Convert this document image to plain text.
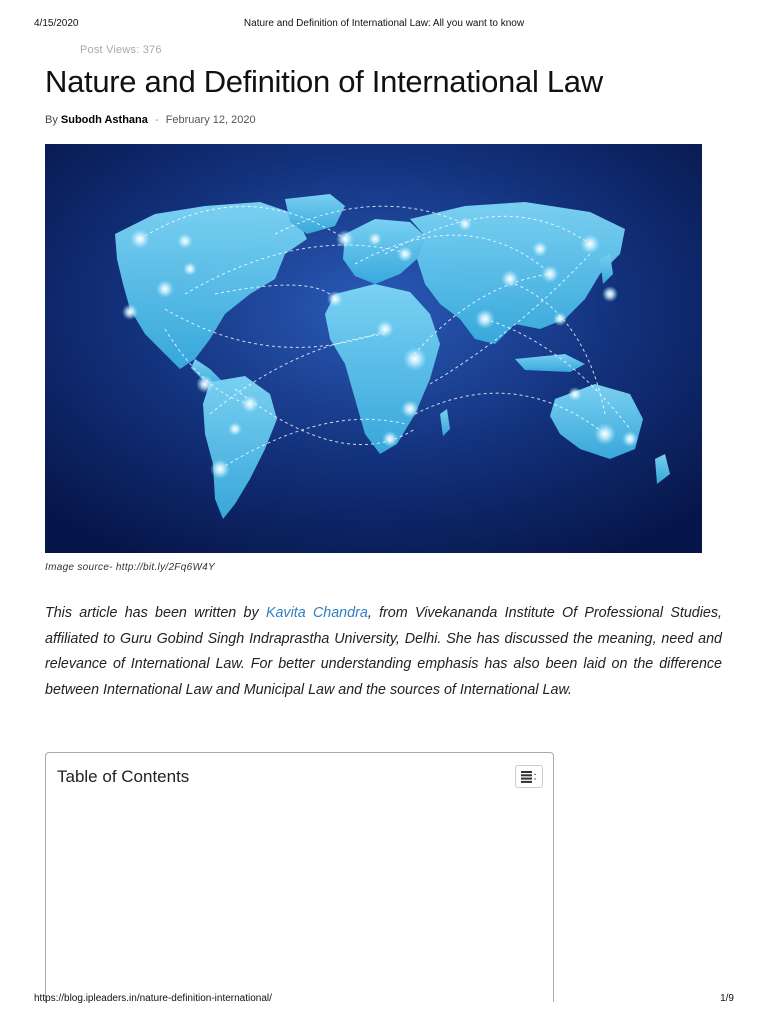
4/15/2020	Nature and Definition of International Law: All you want to know
Post Views: 376
Nature and Definition of International Law
By Subodh Asthana - February 12, 2020
Image source- http://bit.ly/2Fq6W4Y

This article has been written by Kavita Chandra, from Vivekananda Institute Of Professional Studies, affiliated to Guru Gobind Singh Indraprastha University, Delhi. She has discussed the meaning, need and relevance of International Law. For better understanding emphasis has also been laid on the difference between International Law and Municipal Law and the sources of International Law.

Table of Contents
https://blog.ipleaders.in/nature-definition-international/	1/9
